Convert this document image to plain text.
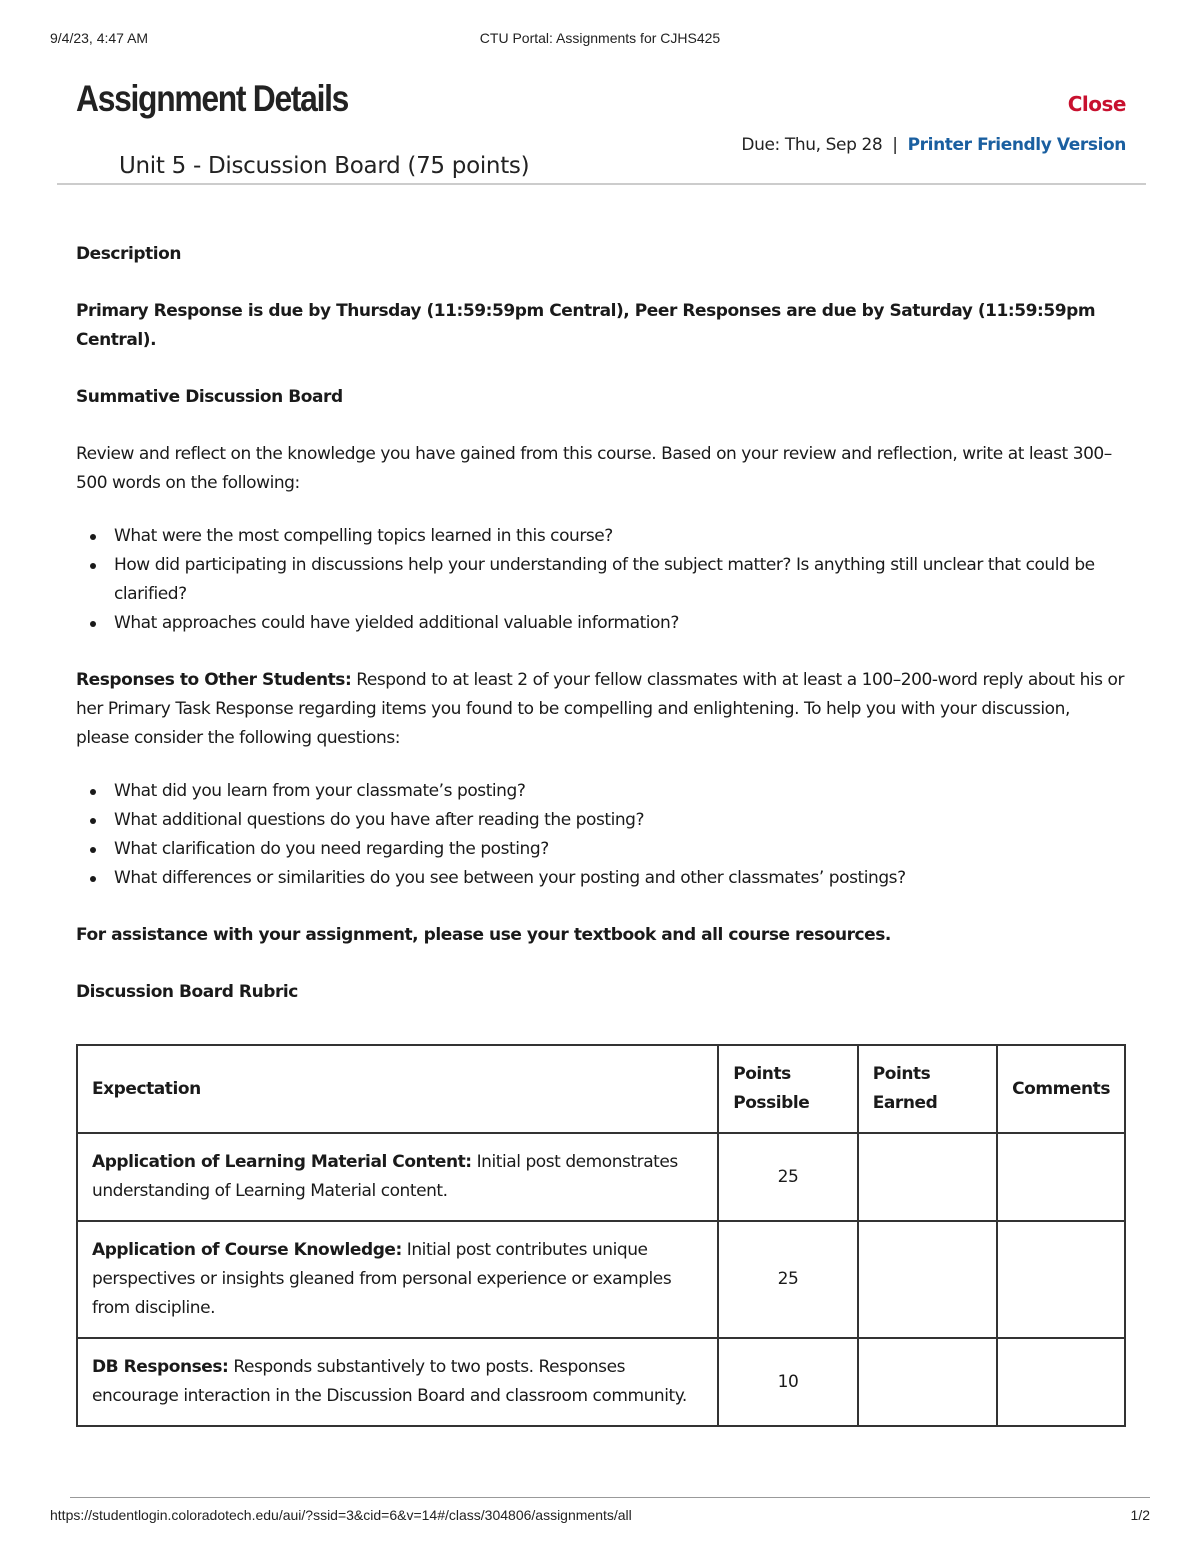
9/4/23, 4:47 AM	CTU Portal: Assignments for CJHS425
Assignment Details	Close
Due: Thu, Sep 28 | Printer Friendly Version
Unit 5 - Discussion Board (75 points)

Description

Primary Response is due by Thursday (11:59:59pm Central), Peer Responses are due by Saturday (11:59:59pm Central).

Summative Discussion Board

Review and reflect on the knowledge you have gained from this course. Based on your review and reflection, write at least 300–500 words on the following:

What were the most compelling topics learned in this course?
How did participating in discussions help your understanding of the subject matter? Is anything still unclear that could be clarified?
What approaches could have yielded additional valuable information?

Responses to Other Students: Respond to at least 2 of your fellow classmates with at least a 100–200-word reply about his or her Primary Task Response regarding items you found to be compelling and enlightening. To help you with your discussion, please consider the following questions:

What did you learn from your classmate’s posting?
What additional questions do you have after reading the posting?
What clarification do you need regarding the posting?
What differences or similarities do you see between your posting and other classmates’ postings?

For assistance with your assignment, please use your textbook and all course resources.

Discussion Board Rubric

Expectation	Points Possible	Points Earned	Comments
Application of Learning Material Content: Initial post demonstrates understanding of Learning Material content.	25		
Application of Course Knowledge: Initial post contributes unique perspectives or insights gleaned from personal experience or examples from discipline.	25		
DB Responses: Responds substantively to two posts. Responses encourage interaction in the Discussion Board and classroom community.	10		
https://studentlogin.coloradotech.edu/aui/?ssid=3&cid=6&v=14#/class/304806/assignments/all	1/2
